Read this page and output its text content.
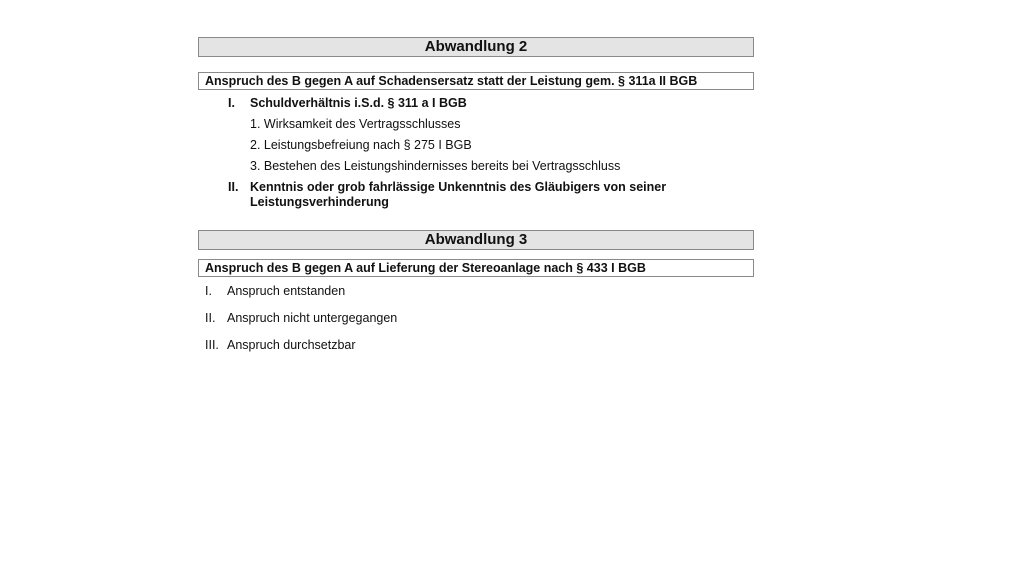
Abwandlung 2
Anspruch des B gegen A auf Schadensersatz statt der Leistung gem. § 311a II BGB
I. Schuldverhältnis i.S.d. § 311 a I BGB
1. Wirksamkeit des Vertragsschlusses
2. Leistungsbefreiung nach § 275 I BGB
3. Bestehen des Leistungshindernisses bereits bei Vertragsschluss
II. Kenntnis oder grob fahrlässige Unkenntnis des Gläubigers von seiner Leistungsverhinderung
Abwandlung 3
Anspruch des B gegen A auf Lieferung der Stereoanlage nach § 433 I BGB
I. Anspruch entstanden
II. Anspruch nicht untergegangen
III. Anspruch durchsetzbar
